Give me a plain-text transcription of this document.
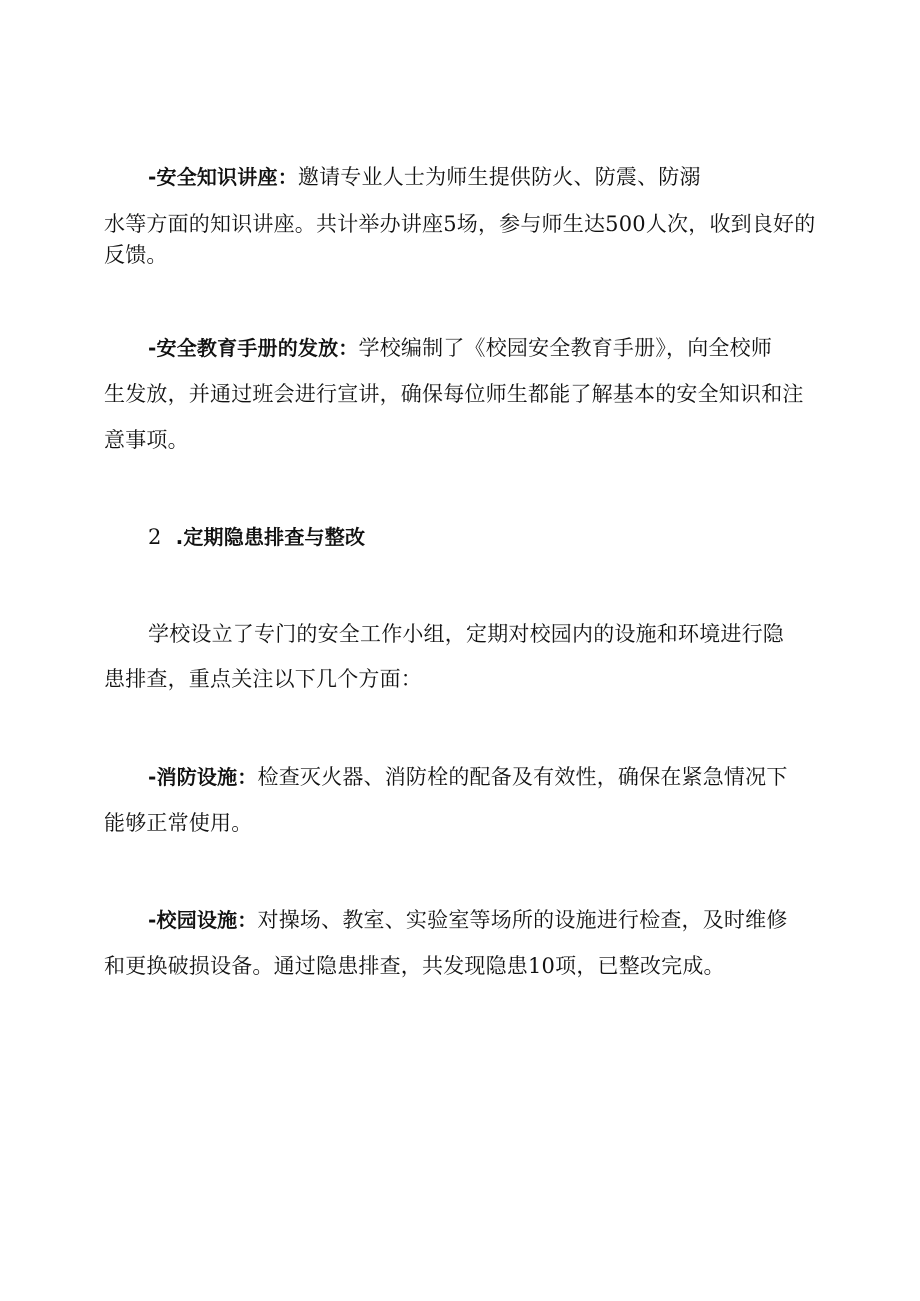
-安全知识讲座：邀请专业人士为师生提供防火、防震、防溺
水等方面的知识讲座。共计举办讲座5场，参与师生达500人次，收到良好的
反馈。
-安全教育手册的发放：学校编制了《校园安全教育手册》，向全校师
生发放，并通过班会进行宣讲，确保每位师生都能了解基本的安全知识和注
意事项。
2 .定期隐患排查与整改
学校设立了专门的安全工作小组，定期对校园内的设施和环境进行隐
患排查，重点关注以下几个方面：
-消防设施：检查灭火器、消防栓的配备及有效性，确保在紧急情况下
能够正常使用。
-校园设施：对操场、教室、实验室等场所的设施进行检查，及时维修
和更换破损设备。通过隐患排查，共发现隐患10项，已整改完成。
